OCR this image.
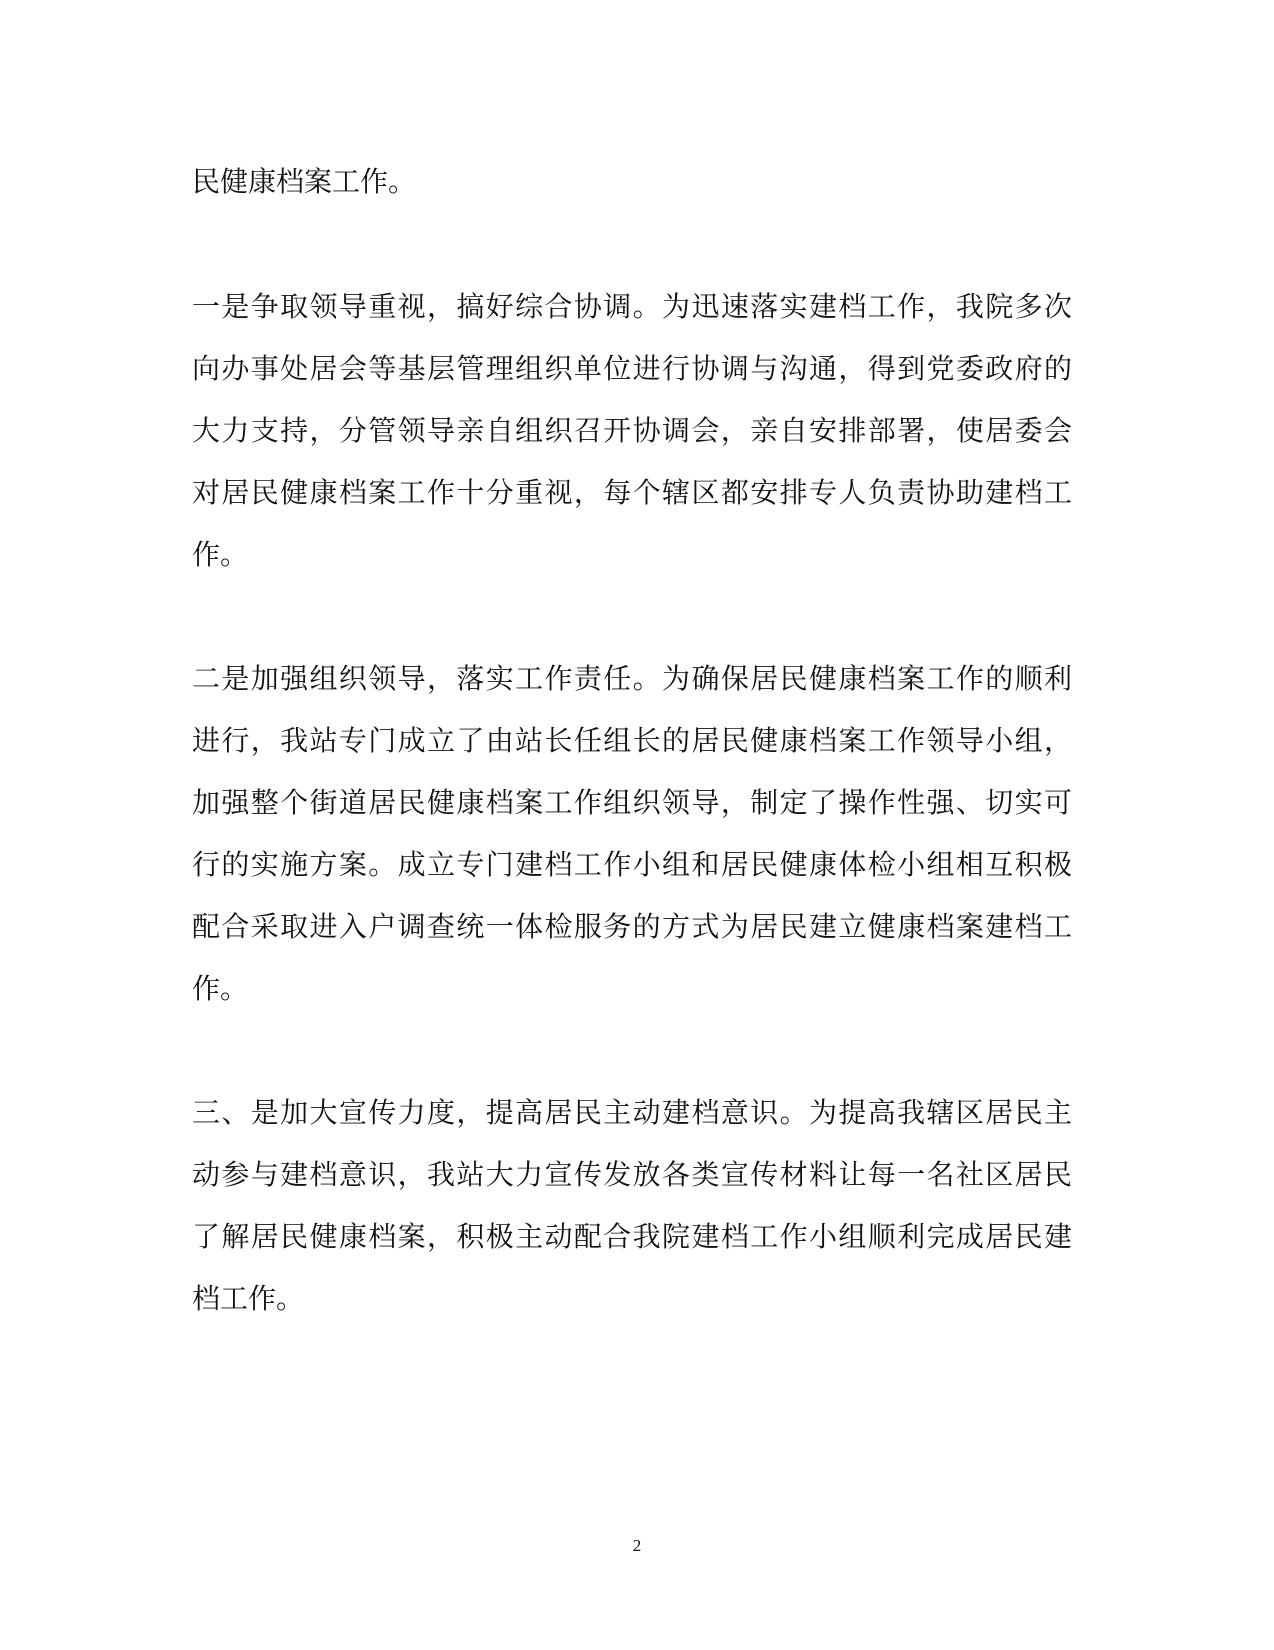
民健康档案工作。
一是争取领导重视，搞好综合协调。为迅速落实建档工作，我院多次
向办事处居会等基层管理组织单位进行协调与沟通，得到党委政府的
大力支持，分管领导亲自组织召开协调会，亲自安排部署，使居委会
对居民健康档案工作十分重视，每个辖区都安排专人负责协助建档工
作。
二是加强组织领导，落实工作责任。为确保居民健康档案工作的顺利
进行，我站专门成立了由站长任组长的居民健康档案工作领导小组，
加强整个街道居民健康档案工作组织领导，制定了操作性强、切实可
行的实施方案。成立专门建档工作小组和居民健康体检小组相互积极
配合采取进入户调查统一体检服务的方式为居民建立健康档案建档工
作。
三、是加大宣传力度，提高居民主动建档意识。为提高我辖区居民主
动参与建档意识，我站大力宣传发放各类宣传材料让每一名社区居民
了解居民健康档案，积极主动配合我院建档工作小组顺利完成居民建
档工作。
2
